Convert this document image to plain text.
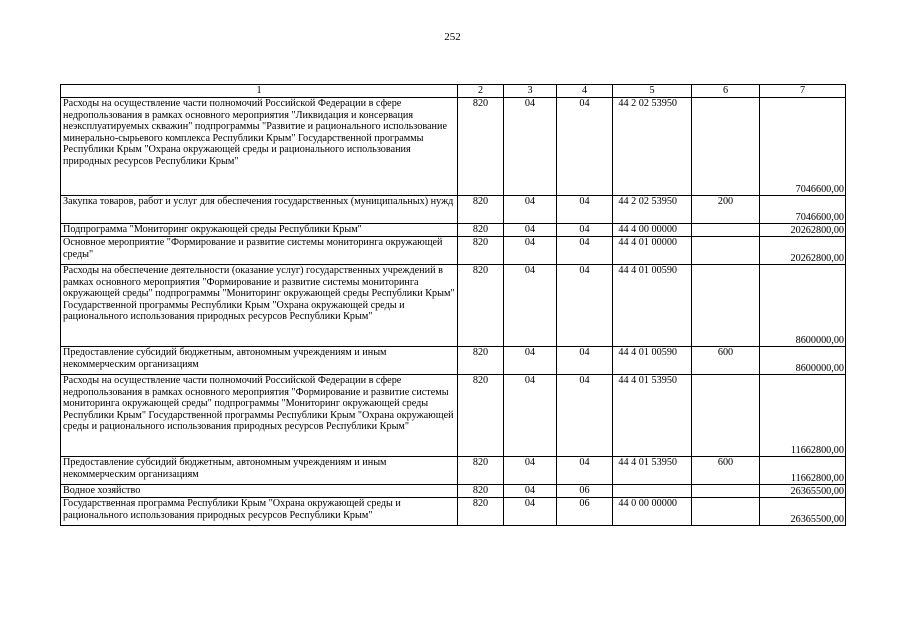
252
1	2	3	4	5	6	7
Расходы на осуществление части полномочий Российской Федерации в сфере недропользования в рамках основного мероприятия "Ликвидация и консервация неэксплуатируемых скважин" подпрограммы "Развитие и рационального использование минерально-сырьевого комплекса Республики Крым" Государственной программы Республики Крым "Охрана окружающей среды и рационального использования природных ресурсов Республики Крым"	820	04	04	44 2 02 53950		7046600,00
Закупка товаров, работ и услуг для обеспечения государственных (муниципальных) нужд	820	04	04	44 2 02 53950	200	7046600,00
Подпрограмма "Мониторинг окружающей среды Республики Крым"	820	04	04	44 4 00 00000		20262800,00
Основное мероприятие "Формирование и развитие системы мониторинга окружающей среды"	820	04	04	44 4 01 00000		20262800,00
Расходы на обеспечение деятельности (оказание услуг) государственных учреждений в рамках основного мероприятия "Формирование и развитие системы мониторинга окружающей среды" подпрограммы "Мониторинг окружающей среды Республики Крым" Государственной программы Республики Крым "Охрана окружающей среды и рационального использования природных ресурсов Республики Крым"	820	04	04	44 4 01 00590		8600000,00
Предоставление субсидий бюджетным, автономным учреждениям и иным некоммерческим организациям	820	04	04	44 4 01 00590	600	8600000,00
Расходы на осуществление части полномочий Российской Федерации в сфере недропользования в рамках основного мероприятия "Формирование и развитие системы мониторинга окружающей среды" подпрограммы "Мониторинг окружающей среды Республики Крым" Государственной программы Республики Крым "Охрана окружающей среды и рационального использования природных ресурсов Республики Крым"	820	04	04	44 4 01 53950		11662800,00
Предоставление субсидий бюджетным, автономным учреждениям и иным некоммерческим организациям	820	04	04	44 4 01 53950	600	11662800,00
Водное хозяйство	820	04	06			26365500,00
Государственная программа Республики Крым "Охрана окружающей среды и рационального использования природных ресурсов Республики Крым"	820	04	06	44 0 00 00000		26365500,00
